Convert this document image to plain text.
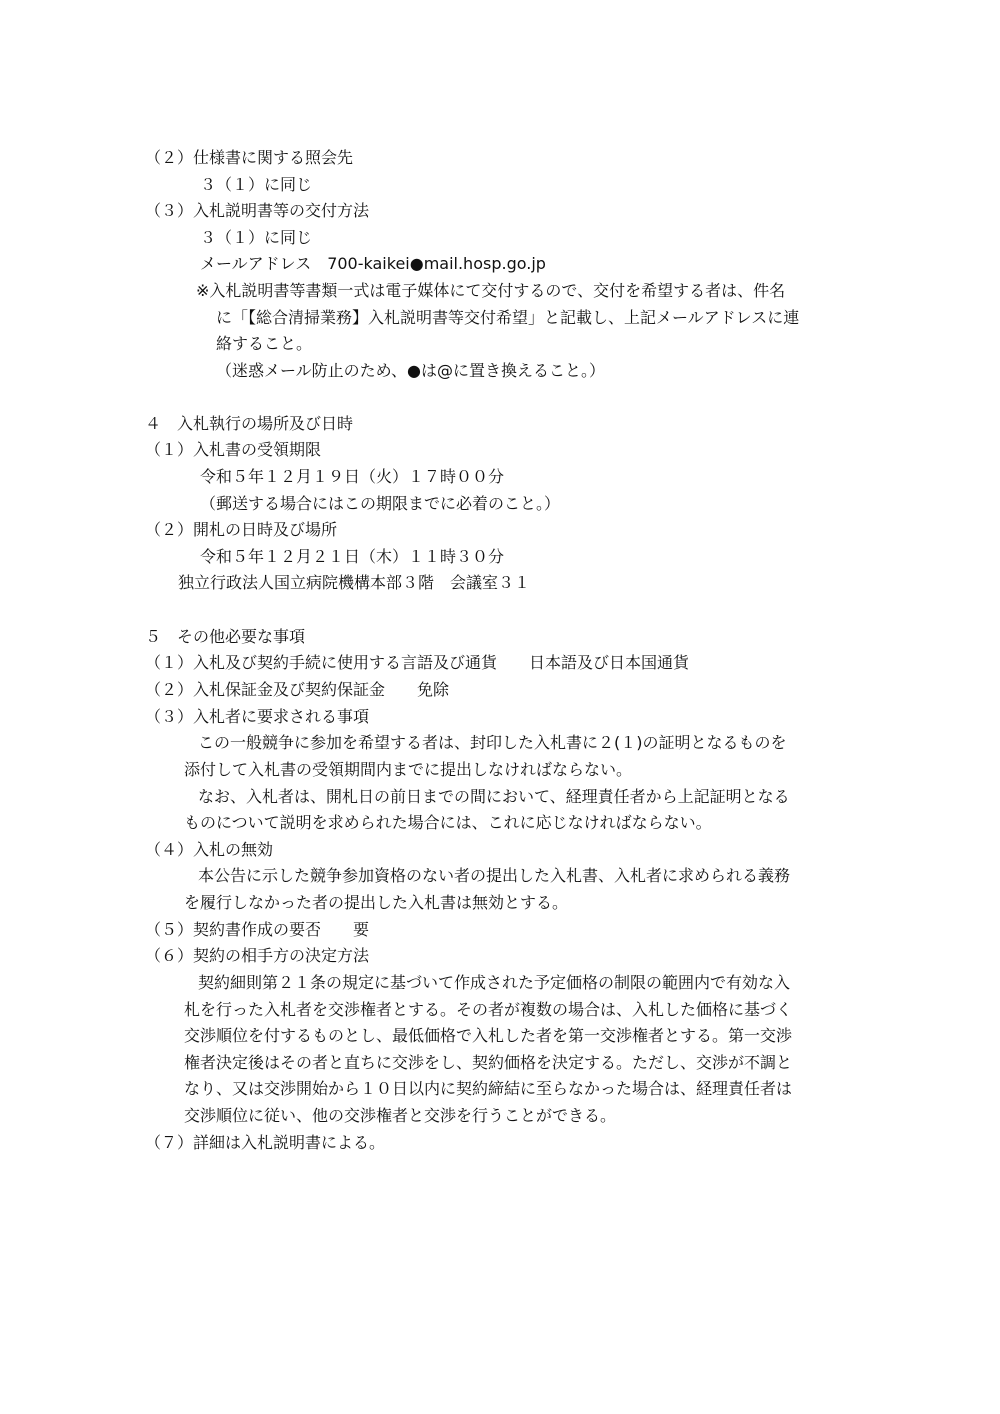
（２）仕様書に関する照会先

３（１）に同じ

（３）入札説明書等の交付方法

３（１）に同じ

メールアドレス　700-kaikei●mail.hosp.go.jp

※入札説明書等書類一式は電子媒体にて交付するので、交付を希望する者は、件名

に「【総合清掃業務】入札説明書等交付希望」と記載し、上記メールアドレスに連

絡すること。

（迷惑メール防止のため、●は@に置き換えること。）

４　入札執行の場所及び日時

（１）入札書の受領期限

令和５年１２月１９日（火）１７時００分

（郵送する場合にはこの期限までに必着のこと。）

（２）開札の日時及び場所

令和５年１２月２１日（木）１１時３０分

独立行政法人国立病院機構本部３階　会議室３１

５　その他必要な事項

（１）入札及び契約手続に使用する言語及び通貨　　日本語及び日本国通貨

（２）入札保証金及び契約保証金　　免除

（３）入札者に要求される事項

この一般競争に参加を希望する者は、封印した入札書に２(１)の証明となるものを

添付して入札書の受領期間内までに提出しなければならない。

なお、入札者は、開札日の前日までの間において、経理責任者から上記証明となる

ものについて説明を求められた場合には、これに応じなければならない。

（４）入札の無効

本公告に示した競争参加資格のない者の提出した入札書、入札者に求められる義務

を履行しなかった者の提出した入札書は無効とする。

（５）契約書作成の要否　　要

（６）契約の相手方の決定方法

契約細則第２１条の規定に基づいて作成された予定価格の制限の範囲内で有効な入

札を行った入札者を交渉権者とする。その者が複数の場合は、入札した価格に基づく

交渉順位を付するものとし、最低価格で入札した者を第一交渉権者とする。第一交渉

権者決定後はその者と直ちに交渉をし、契約価格を決定する。ただし、交渉が不調と

なり、又は交渉開始から１０日以内に契約締結に至らなかった場合は、経理責任者は

交渉順位に従い、他の交渉権者と交渉を行うことができる。

（７）詳細は入札説明書による。
